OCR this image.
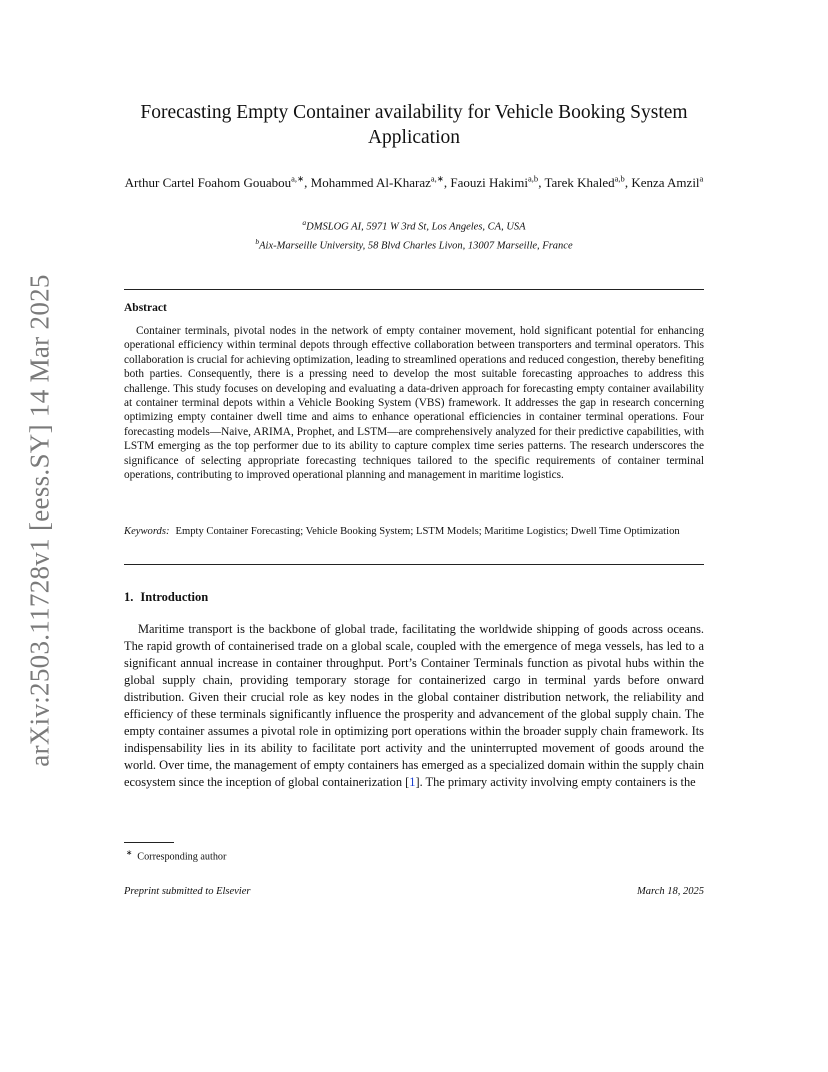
arXiv:2503.11728v1 [eess.SY] 14 Mar 2025
Forecasting Empty Container availability for Vehicle Booking System Application
Arthur Cartel Foahom Gouabou$^{a,∗}$, Mohammed Al-Kharaz$^{a,∗}$, Faouzi Hakimi$^{a,b}$, Tarek Khaled$^{a,b}$, Kenza Amzil$^a$
$^a$DMSLOG AI, 5971 W 3rd St, Los Angeles, CA, USA
$^b$Aix-Marseille University, 58 Blvd Charles Livon, 13007 Marseille, France
Abstract

Container terminals, pivotal nodes in the network of empty container movement, hold significant potential for enhancing operational efficiency within terminal depots through effective collaboration between transporters and terminal operators. This collaboration is crucial for achieving optimization, leading to streamlined operations and reduced congestion, thereby benefiting both parties. Consequently, there is a pressing need to develop the most suitable forecasting approaches to address this challenge. This study focuses on developing and evaluating a data-driven approach for forecasting empty container availability at container terminal depots within a Vehicle Booking System (VBS) framework. It addresses the gap in research concerning optimizing empty container dwell time and aims to enhance operational efficiencies in container terminal operations. Four forecasting models—Naive, ARIMA, Prophet, and LSTM—are comprehensively analyzed for their predictive capabilities, with LSTM emerging as the top performer due to its ability to capture complex time series patterns. The research underscores the significance of selecting appropriate forecasting techniques tailored to the specific requirements of container terminal operations, contributing to improved operational planning and management in maritime logistics.

Keywords: Empty Container Forecasting; Vehicle Booking System; LSTM Models; Maritime Logistics; Dwell Time Optimization

1. Introduction

Maritime transport is the backbone of global trade, facilitating the worldwide shipping of goods across oceans. The rapid growth of containerised trade on a global scale, coupled with the emergence of mega vessels, has led to a significant annual increase in container throughput. Port’s Container Terminals function as pivotal hubs within the global supply chain, providing temporary storage for containerized cargo in terminal yards before onward distribution. Given their crucial role as key nodes in the global container distribution network, the reliability and efficiency of these terminals significantly influence the prosperity and advancement of the global supply chain. The empty container assumes a pivotal role in optimizing port operations within the broader supply chain framework. Its indispensability lies in its ability to facilitate port activity and the uninterrupted movement of goods around the world. Over time, the management of empty containers has emerged as a specialized domain within the supply chain ecosystem since the inception of global containerization [1]. The primary activity involving empty containers is the

∗ Corresponding author
Preprint submitted to Elsevier	March 18, 2025
